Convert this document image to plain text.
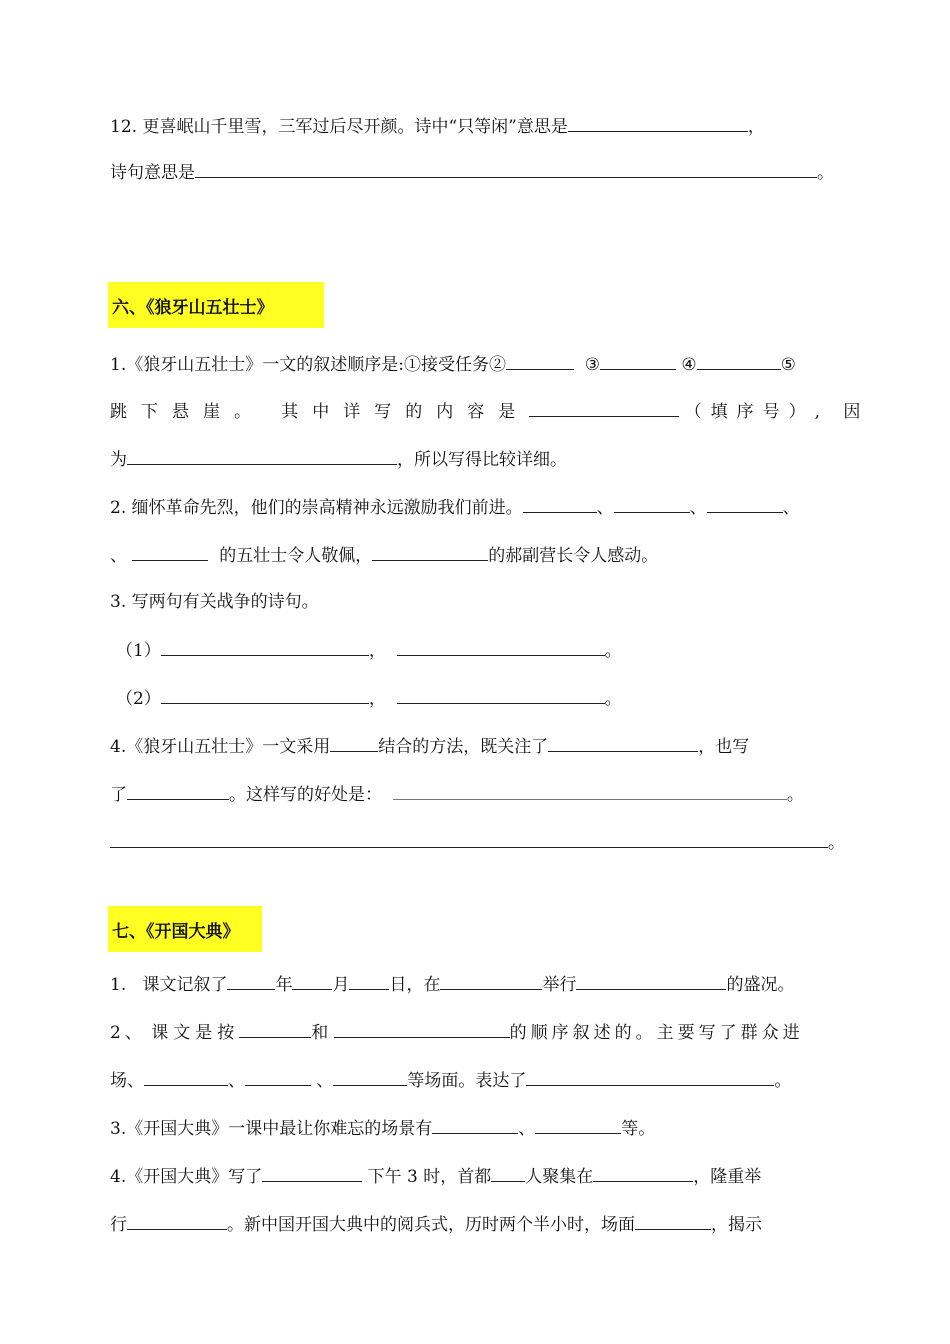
12. 更喜岷山千里雪，三军过后尽开颜。诗中“只等闲”意思是	，
诗句意思是	。
六、《狼牙山五壮士》
1.《狼牙山五壮士》一文的叙述顺序是:①接受任务②	③	④	⑤
跳下悬崖。 其中详写的内容是	（填序号）, 因
为	，所以写得比较详细。
2. 缅怀革命先烈，他们的崇高精神永远激励我们前进。	、	、	、
、	的五壮士令人敬佩，	的郝副营长令人感动。
3. 写两句有关战争的诗句。
（1）	，	。
（2）	，	。
4.《狼牙山五壮士》一文采用	结合的方法，既关注了	，也写
了	。这样写的好处是：	。
。
七、《开国大典》
1. 课文记叙了	年 月 日，在	举行	的盛况。
2、 课文是按	和	的顺序叙述的。主要写了群众进
场、	、	、	等场面。表达了	。
3.《开国大典》一课中最让你难忘的场景有	、	等。
4.《开国大典》写了	下午 3 时，首都 人聚集在	，隆重举
行	。新中国开国大典中的阅兵式，历时两个半小时，场面	，揭示
